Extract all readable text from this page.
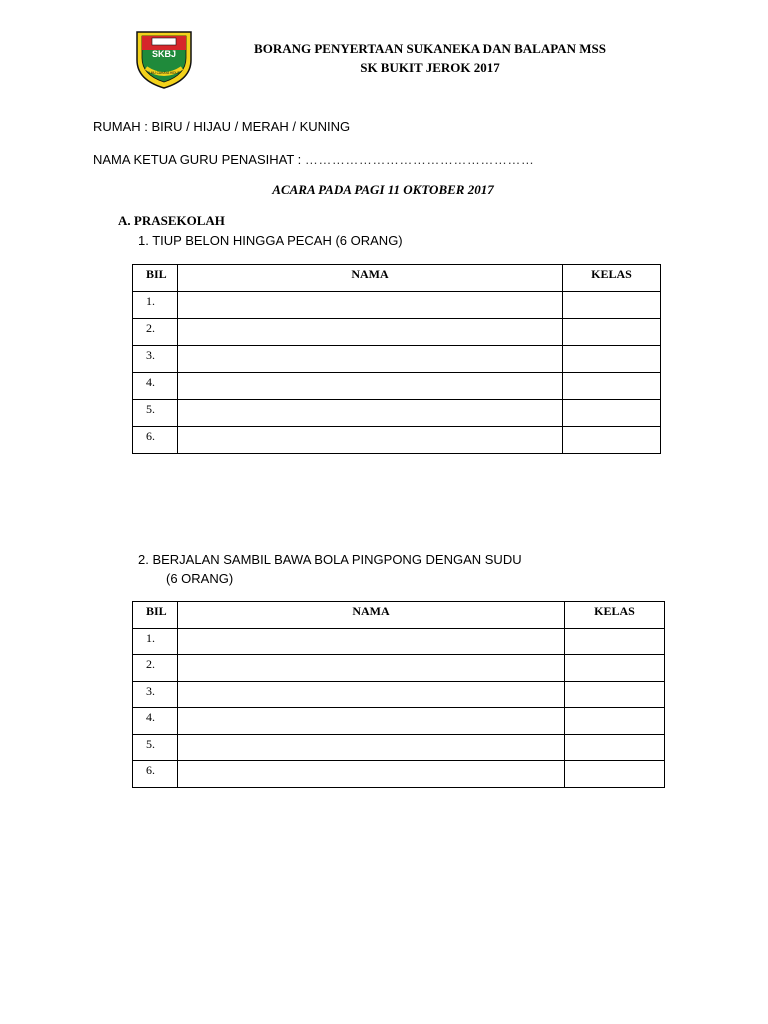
SKBJ
ILMU CAHAYA HIDUP
BORANG PENYERTAAN SUKANEKA DAN BALAPAN MSS
SK BUKIT JEROK 2017
RUMAH : BIRU / HIJAU / MERAH / KUNING
NAMA KETUA GURU PENASIHAT : ……………………………………………
ACARA PADA PAGI 11 OKTOBER 2017
A. PRASEKOLAH
1. TIUP BELON HINGGA PECAH (6 ORANG)
BIL	NAMA	KELAS
1.		
2.		
3.		
4.		
5.		
6.		
2. BERJALAN SAMBIL BAWA BOLA PINGPONG DENGAN SUDU
(6 ORANG)
BIL	NAMA	KELAS
1.		
2.		
3.		
4.		
5.		
6.		
